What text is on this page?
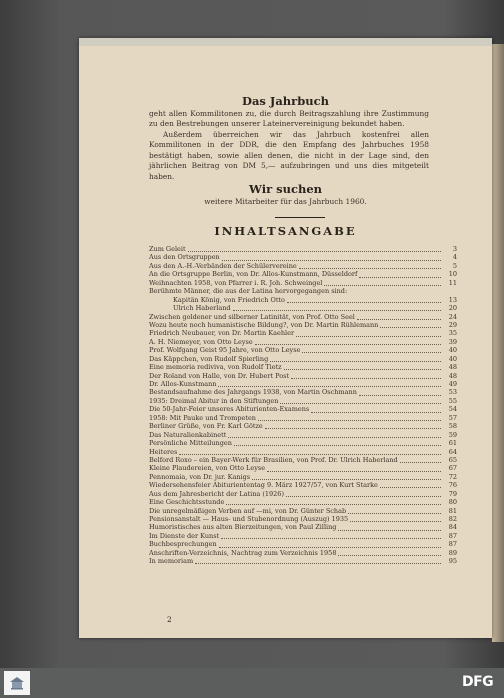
Das Jahrbuch
geht allen Kommilitonen zu, die durch Beitragszahlung ihre Zustimmung zu den Bestrebungen unserer Lateinervereinigung bekundet haben.
Außerdem überreichen wir das Jahrbuch kostenfrei allen Kommilitonen in der DDR, die den Empfang des Jahrbuches 1958 bestätigt haben, sowie allen denen, die nicht in der Lage sind, den jährlichen Beitrag von DM 5,— aufzubringen und uns dies mitgeteilt haben.
Wir suchen
weitere Mitarbeiter für das Jahrbuch 1960.
INHALTSANGABE
Zum Geleit	3
Aus den Ortsgruppen	4
Aus den A.-H.-Verbänden der Schülervereine	5
An die Ortsgruppe Berlin, von Dr. Allos-Kunstmann, Düsseldorf	10
Weihnachten 1958, von Pfarrer i. R. Joh. Schweingel	11
Berühmte Männer, die aus der Latina hervorgegangen sind:
Kapitän König, von Friedrich Otto	13
Ulrich Haberland	20
Zwischen goldener und silberner Latinität, von Prof. Otto Seel	24
Wozu heute noch humanistische Bildung?, von Dr. Martin Rühlemann	29
Friedrich Neubauer, von Dr. Martin Kaehler	35
A. H. Niemeyer, von Otto Leyse	39
Prof. Wolfgang Geist 95 Jahre, von Otto Leyse	40
Das Käppchen, von Rudolf Spierling	40
Eine memoria rediviva, von Rudolf Tietz	48
Der Roland von Halle, von Dr. Hubert Post	48
Dr. Allos-Kunstmann	49
Bestandsaufnahme des Jahrgangs 1938, von Martin Oschmann	53
1935: Dreimal Abitur in den Stiftungen	55
Die 50-Jahr-Feier unseres Abiturienten-Examens	54
1958: Mit Pauke und Trompeten	57
Berliner Grüße, von Fr. Karl Götze	58
Das Naturalienkabinett	59
Persönliche Mitteilungen	61
Heiteres	64
Belford Roxo – ein Bayer-Werk für Brasilien, von Prof. Dr. Ulrich Haberland	65
Kleine Plaudereien, von Otto Leyse	67
Pennomaia, von Dr. jur. Kanigs	72
Wiedersehensfeier Abituriententag 9. März 1927/57, von Kurt Starke	76
Aus dem Jahresbericht der Latina (1926)	79
Eine Geschichtsstunde	80
Die unregelmäßigen Verben auf —mi, von Dr. Günter Schab	81
Pensionsanstalt — Haus- und Stubenordnung (Auszug) 1935	82
Humoristisches aus alten Bierzeitungen, von Paul Zilling	84
Im Dienste der Kunst	87
Buchbesprechungen	87
Anschriften-Verzeichnis, Nachtrag zum Verzeichnis 1958	89
In memoriam	95
2
DFG
